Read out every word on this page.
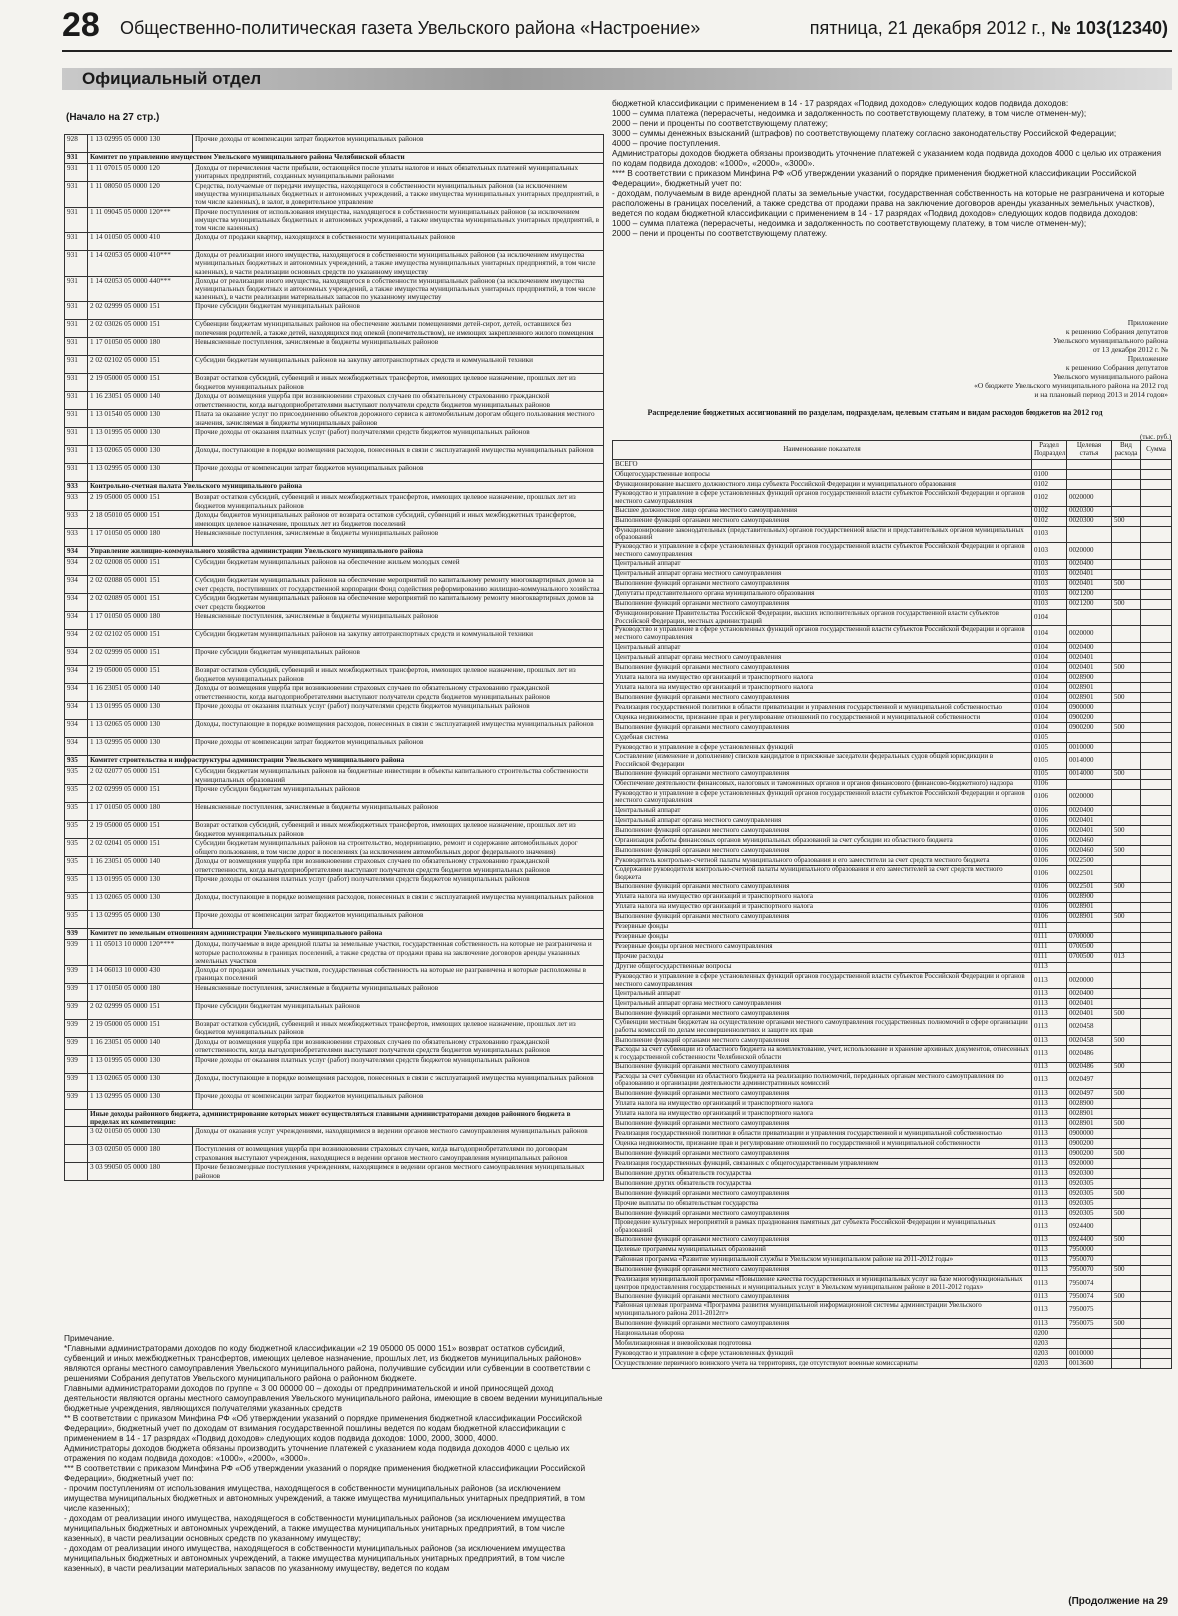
28 Общественно-политическая газета Увельского района «Настроение»	пятница, 21 декабря 2012 г., № 103(12340)
Официальный отдел
(Начало на 27 стр.)
928	1 13 02995 05 0000 130	Прочие доходы от компенсации затрат бюджетов муниципальных районов
931	Комитет по управлению имуществом Увельского муниципального района Челябинской области	
931	1 11 07015 05 0000 120	Доходы от перечисления части прибыли, остающейся после уплаты налогов и иных обязательных платежей муниципальных унитарных предприятий, созданных муниципальными районами
931	1 11 08050 05 0000 120	Средства, получаемые от передачи имущества, находящегося в собственности муниципальных районов (за исключением имущества муниципальных бюджетных и автономных учреждений, а также имущества муниципальных унитарных предприятий, в том числе казенных), в залог, в доверительное управление
931	1 11 09045 05 0000 120***	Прочие поступления от использования имущества, находящегося в собственности муниципальных районов (за исключением имущества муниципальных бюджетных и автономных учреждений, а также имущества муниципальных унитарных предприятий, в том числе казенных)
931	1 14 01050 05 0000 410	Доходы от продажи квартир, находящихся в собственности муниципальных районов
931	1 14 02053 05 0000 410***	Доходы от реализации иного имущества, находящегося в собственности муниципальных районов (за исключением имущества муниципальных бюджетных и автономных учреждений, а также имущества муниципальных унитарных предприятий, в том числе казенных), в части реализации основных средств по указанному имуществу
931	1 14 02053 05 0000 440***	Доходы от реализации иного имущества, находящегося в собственности муниципальных районов (за исключением имущества муниципальных бюджетных и автономных учреждений, а также имущества муниципальных унитарных предприятий, в том числе казенных), в части реализации материальных запасов по указанному имуществу
931	2 02 02999 05 0000 151	Прочие субсидии бюджетам муниципальных районов
931	2 02 03026 05 0000 151	Субвенции бюджетам муниципальных районов на обеспечение жилыми помещениями детей-сирот, детей, оставшихся без попечения родителей, а также детей, находящихся под опекой (попечительством), не имеющих закрепленного жилого помещения
931	1 17 01050 05 0000 180	Невыясненные поступления, зачисляемые в бюджеты муниципальных районов
931	2 02 02102 05 0000 151	Субсидии бюджетам муниципальных районов на закупку автотранспортных средств и коммунальной техники
931	2 19 05000 05 0000 151	Возврат остатков субсидий, субвенций и иных межбюджетных трансфертов, имеющих целевое назначение, прошлых лет из бюджетов муниципальных районов
931	1 16 23051 05 0000 140	Доходы от возмещения ущерба при возникновении страховых случаев по обязательному страхованию гражданской ответственности, когда выгодоприобретателями выступают получатели средств бюджетов муниципальных районов
931	1 13 01540 05 0000 130	Плата за оказание услуг по присоединению объектов дорожного сервиса к автомобильным дорогам общего пользования местного значения, зачисляемая в бюджеты муниципальных районов
931	1 13 01995 05 0000 130	Прочие доходы от оказания платных услуг (работ) получателями средств бюджетов муниципальных районов
931	1 13 02065 05 0000 130	Доходы, поступающие в порядке возмещения расходов, понесенных в связи с эксплуатацией имущества муниципальных районов
931	1 13 02995 05 0000 130	Прочие доходы от компенсации затрат бюджетов муниципальных районов
933	Контрольно-счетная палата Увельского муниципального района	
933	2 19 05000 05 0000 151	Возврат остатков субсидий, субвенций и иных межбюджетных трансфертов, имеющих целевое назначение, прошлых лет из бюджетов муниципальных районов
933	2 18 05010 05 0000 151	Доходы бюджетов муниципальных районов от возврата остатков субсидий, субвенций и иных межбюджетных трансфертов, имеющих целевое назначение, прошлых лет из бюджетов поселений
933	1 17 01050 05 0000 180	Невыясненные поступления, зачисляемые в бюджеты муниципальных районов
934	Управление жилищно-коммунального хозяйства администрации Увельского муниципального района	
934	2 02 02008 05 0000 151	Субсидии бюджетам муниципальных районов на обеспечение жильем молодых семей
934	2 02 02088 05 0001 151	Субсидии бюджетам муниципальных районов на обеспечение мероприятий по капитальному ремонту многоквартирных домов за счет средств, поступивших от государственной корпорации Фонд содействия реформированию жилищно-коммунального хозяйства
934	2 02 02089 05 0001 151	Субсидии бюджетам муниципальных районов на обеспечение мероприятий по капитальному ремонту многоквартирных домов за счет средств бюджетов
934	1 17 01050 05 0000 180	Невыясненные поступления, зачисляемые в бюджеты муниципальных районов
934	2 02 02102 05 0000 151	Субсидии бюджетам муниципальных районов на закупку автотранспортных средств и коммунальной техники
934	2 02 02999 05 0000 151	Прочие субсидии бюджетам муниципальных районов
934	2 19 05000 05 0000 151	Возврат остатков субсидий, субвенций и иных межбюджетных трансфертов, имеющих целевое назначение, прошлых лет из бюджетов муниципальных районов
934	1 16 23051 05 0000 140	Доходы от возмещения ущерба при возникновении страховых случаев по обязательному страхованию гражданской ответственности, когда выгодоприобретателями выступают получатели средств бюджетов муниципальных районов
934	1 13 01995 05 0000 130	Прочие доходы от оказания платных услуг (работ) получателями средств бюджетов муниципальных районов
934	1 13 02065 05 0000 130	Доходы, поступающие в порядке возмещения расходов, понесенных в связи с эксплуатацией имущества муниципальных районов
934	1 13 02995 05 0000 130	Прочие доходы от компенсации затрат бюджетов муниципальных районов
935	Комитет строительства и инфраструктуры администрации Увельского муниципального района	
935	2 02 02077 05 0000 151	Субсидии бюджетам муниципальных районов на бюджетные инвестиции в объекты капитального строительства собственности муниципальных образований
935	2 02 02999 05 0000 151	Прочие субсидии бюджетам муниципальных районов
935	1 17 01050 05 0000 180	Невыясненные поступления, зачисляемые в бюджеты муниципальных районов
935	2 19 05000 05 0000 151	Возврат остатков субсидий, субвенций и иных межбюджетных трансфертов, имеющих целевое назначение, прошлых лет из бюджетов муниципальных районов
935	2 02 02041 05 0000 151	Субсидии бюджетам муниципальных районов на строительство, модернизацию, ремонт и содержание автомобильных дорог общего пользования, в том числе дорог в поселениях (за исключением автомобильных дорог федерального значения)
935	1 16 23051 05 0000 140	Доходы от возмещения ущерба при возникновении страховых случаев по обязательному страхованию гражданской ответственности, когда выгодоприобретателями выступают получатели средств бюджетов муниципальных районов
935	1 13 01995 05 0000 130	Прочие доходы от оказания платных услуг (работ) получателями средств бюджетов муниципальных районов
935	1 13 02065 05 0000 130	Доходы, поступающие в порядке возмещения расходов, понесенных в связи с эксплуатацией имущества муниципальных районов
935	1 13 02995 05 0000 130	Прочие доходы от компенсации затрат бюджетов муниципальных районов
939	Комитет по земельным отношениям администрации Увельского муниципального района	
939	1 11 05013 10 0000 120****	Доходы, получаемые в виде арендной платы за земельные участки, государственная собственность на которые не разграничена и которые расположены в границах поселений, а также средства от продажи права на заключение договоров аренды указанных земельных участков
939	1 14 06013 10 0000 430	Доходы от продажи земельных участков, государственная собственность на которые не разграничена и которые расположены в границах поселений
939	1 17 01050 05 0000 180	Невыясненные поступления, зачисляемые в бюджеты муниципальных районов
939	2 02 02999 05 0000 151	Прочие субсидии бюджетам муниципальных районов
939	2 19 05000 05 0000 151	Возврат остатков субсидий, субвенций и иных межбюджетных трансфертов, имеющих целевое назначение, прошлых лет из бюджетов муниципальных районов
939	1 16 23051 05 0000 140	Доходы от возмещения ущерба при возникновении страховых случаев по обязательному страхованию гражданской ответственности, когда выгодоприобретателями выступают получатели средств бюджетов муниципальных районов
939	1 13 01995 05 0000 130	Прочие доходы от оказания платных услуг (работ) получателями средств бюджетов муниципальных районов
939	1 13 02065 05 0000 130	Доходы, поступающие в порядке возмещения расходов, понесенных в связи с эксплуатацией имущества муниципальных районов
939	1 13 02995 05 0000 130	Прочие доходы от компенсации затрат бюджетов муниципальных районов
	Иные доходы районного бюджета, администрирование которых может осуществляться главными администраторами доходов районного бюджета в пределах их компетенции:	
	3 02 01050 05 0000 130	Доходы от оказания услуг учреждениями, находящимися в ведении органов местного самоуправления муниципальных районов
	3 03 02050 05 0000 180	Поступления от возмещения ущерба при возникновении страховых случаев, когда выгодоприобретателями по договорам страхования выступают учреждения, находящиеся в ведении органов местного самоуправления муниципальных районов
	3 03 99050 05 0000 180	Прочие безвозмездные поступления учреждениям, находящимся в ведении органов местного самоуправления муниципальных районов

Примечание.

*Главными администраторами доходов по коду бюджетной классификации «2 19 05000 05 0000 151» возврат остатков субсидий, субвенций и иных межбюджетных трансфертов, имеющих целевое назначение, прошлых лет, из бюджетов муниципальных районов» являются органы местного самоуправления Увельского муниципального района, получившие субсидии или субвенции в соответствии с решениями Собрания депутатов Увельского муниципального района о районном бюджете.

Главными администраторами доходов по группе « 3 00 00000 00 – доходы от предпринимательской и иной приносящей доход деятельности являются органы местного самоуправления Увельского муниципального района, имеющие в своем ведении муниципальные бюджетные учреждения, являющихся получателями указанных средств

** В соответствии с приказом Минфина РФ «Об утверждении указаний о порядке применения бюджетной классификации Российской Федерации», бюджетный учет по доходам от взимания государственной пошлины ведется по кодам бюджетной классификации с применением в 14 - 17 разрядах «Подвид доходов» следующих кодов подвида доходов: 1000, 2000, 3000, 4000.

Администраторы доходов бюджета обязаны производить уточнение платежей с указанием кода подвида доходов 4000 с целью их отражения по кодам подвида доходов: «1000», «2000», «3000».

*** В соответствии с приказом Минфина РФ «Об утверждении указаний о порядке применения бюджетной классификации Российской Федерации», бюджетный учет по:

- прочим поступлениям от использования имущества, находящегося в собственности муниципальных районов (за исключением имущества муниципальных бюджетных и автономных учреждений, а также имущества муниципальных унитарных предприятий, в том числе казенных);

- доходам от реализации иного имущества, находящегося в собственности муниципальных районов (за исключением имущества муниципальных бюджетных и автономных учреждений, а также имущества муниципальных унитарных предприятий, в том числе казенных), в части реализации основных средств по указанному имуществу;

- доходам от реализации иного имущества, находящегося в собственности муниципальных районов (за исключением имущества муниципальных бюджетных и автономных учреждений, а также имущества муниципальных унитарных предприятий, в том числе казенных), в части реализации материальных запасов по указанному имуществу, ведется по кодам

бюджетной классификации с применением в 14 - 17 разрядах «Подвид доходов» следующих кодов подвида доходов:

1000 – сумма платежа (перерасчеты, недоимка и задолженность по соответствующему платежу, в том числе отменен-му);

2000 – пени и проценты по соответствующему платежу;

3000 – суммы денежных взысканий (штрафов) по соответствующему платежу согласно законодательству Российской Федерации;

4000 – прочие поступления.

Администраторы доходов бюджета обязаны производить уточнение платежей с указанием кода подвида доходов 4000 с целью их отражения по кодам подвида доходов: «1000», «2000», «3000».

**** В соответствии с приказом Минфина РФ «Об утверждении указаний о порядке применения бюджетной классификации Российской Федерации», бюджетный учет по:

- доходам, получаемым в виде арендной платы за земельные участки, государственная собственность на которые не разграничена и которые расположены в границах поселений, а также средства от продажи права на заключение договоров аренды указанных земельных участков), ведется по кодам бюджетной классификации с применением в 14 - 17 разрядах «Подвид доходов» следующих кодов подвида доходов:

1000 – сумма платежа (перерасчеты, недоимка и задолженность по соответствующему платежу, в том числе отменен-му);

2000 – пени и проценты по соответствующему платежу.

Приложение

к решению Собрания депутатов

Увельского муниципального района

от 13 декабря 2012 г. №

Приложение

к решению Собрания депутатов

Увельского муниципального района

«О бюджете Увельского муниципального района на 2012 год

и на плановый период 2013 и 2014 годов»

Распределение бюджетных ассигнований по разделам, подразделам, целевым статьям и видам расходов бюджетов на 2012 год
(тыс. руб.)
Наименование показателя	Раздел Подраздел	Целевая статья	Вид расхода	Сумма
ВСЕГО				
Общегосударственные вопросы	0100			
Функционирование высшего должностного лица субъекта Российской Федерации и муниципального образования	0102			
Руководство и управление в сфере установленных функций органов государственной власти субъектов Российской Федерации и органов местного самоуправления	0102	0020000		
Высшее должностное лицо органа местного самоуправления	0102	0020300		
Выполнение функций органами местного самоуправления	0102	0020300	500	
Функционирование законодательных (представительных) органов государственной власти и представительных органов муниципальных образований	0103			
Руководство и управление в сфере установленных функций органов государственной власти субъектов Российской Федерации и органов местного самоуправления	0103	0020000		
Центральный аппарат	0103	0020400		
Центральный аппарат органа местного самоуправления	0103	0020401		
Выполнение функций органами местного самоуправления	0103	0020401	500	
Депутаты представительного органа муниципального образования	0103	0021200		
Выполнение функций органами местного самоуправления	0103	0021200	500	
Функционирование Правительства Российской Федерации, высших исполнительных органов государственной власти субъектов Российской Федерации, местных администраций	0104			
Руководство и управление в сфере установленных функций органов государственной власти субъектов Российской Федерации и органов местного самоуправления	0104	0020000		
Центральный аппарат	0104	0020400		
Центральный аппарат органа местного самоуправления	0104	0020401		
Выполнение функций органами местного самоуправления	0104	0020401	500	
Уплата налога на имущество организаций и транспортного налога	0104	0028900		
Уплата налога на имущество организаций и транспортного налога	0104	0028901		
Выполнение функций органами местного самоуправления	0104	0028901	500	
Реализация государственной политики в области приватизации и управления государственной и муниципальной собственностью	0104	0900000		
Оценка недвижимости, признание прав и регулирование отношений по государственной и муниципальной собственности	0104	0900200		
Выполнение функций органами местного самоуправления	0104	0900200	500	
Судебная система	0105			
Руководство и управление в сфере установленных функций	0105	0010000		
Составление (изменение и дополнение) списков кандидатов в присяжные заседатели федеральных судов общей юрисдикции в Российской Федерации	0105	0014000		
Выполнение функций органами местного самоуправления	0105	0014000	500	
Обеспечение деятельности финансовых, налоговых и таможенных органов и органов финансового (финансово-бюджетного) надзора	0106			
Руководство и управление в сфере установленных функций органов государственной власти субъектов Российской Федерации и органов местного самоуправления	0106	0020000		
Центральный аппарат	0106	0020400		
Центральный аппарат органа местного самоуправления	0106	0020401		
Выполнение функций органами местного самоуправления	0106	0020401	500	
Организация работы финансовых органов муниципальных образований за счет субсидии из областного бюджета	0106	0020460		
Выполнение функций органами местного самоуправления	0106	0020460	500	
Руководитель контрольно-счетной палаты муниципального образования и его заместители за счет средств местного бюджета	0106	0022500		
Содержание руководителя контрольно-счетной палаты муниципального образования и его заместителей за счет средств местного бюджета	0106	0022501		
Выполнение функций органами местного самоуправления	0106	0022501	500	
Уплата налога на имущество организаций и транспортного налога	0106	0028900		
Уплата налога на имущество организаций и транспортного налога	0106	0028901		
Выполнение функций органами местного самоуправления	0106	0028901	500	
Резервные фонды	0111			
Резервные фонды	0111	0700000		
Резервные фонды органов местного самоуправления	0111	0700500		
Прочие расходы	0111	0700500	013	
Другие общегосударственные вопросы	0113			
Руководство и управление в сфере установленных функций органов государственной власти субъектов Российской Федерации и органов местного самоуправления	0113	0020000		
Центральный аппарат	0113	0020400		
Центральный аппарат органа местного самоуправления	0113	0020401		
Выполнение функций органами местного самоуправления	0113	0020401	500	
Субвенции местным бюджетам на осуществление органами местного самоуправления государственных полномочий в сфере организации работы комиссий по делам несовершеннолетних и защите их прав	0113	0020458		
Выполнение функций органами местного самоуправления	0113	0020458	500	
Расходы за счет субвенции из областного бюджета на комплектование, учет, использование и хранение архивных документов, отнесенных к государственной собственности Челябинской области	0113	0020486		
Выполнение функций органами местного самоуправления	0113	0020486	500	
Расходы за счет субвенции из областного бюджета на реализацию полномочий, переданных органам местного самоуправления по образованию и организации деятельности административных комиссий	0113	0020497		
Выполнение функций органами местного самоуправления	0113	0020497	500	
Уплата налога на имущество организаций и транспортного налога	0113	0028900		
Уплата налога на имущество организаций и транспортного налога	0113	0028901		
Выполнение функций органами местного самоуправления	0113	0028901	500	
Реализация государственной политики в области приватизации и управления государственной и муниципальной собственностью	0113	0900000		
Оценка недвижимости, признание прав и регулирование отношений по государственной и муниципальной собственности	0113	0900200		
Выполнение функций органами местного самоуправления	0113	0900200	500	
Реализация государственных функций, связанных с общегосударственным управлением	0113	0920000		
Выполнение других обязательств государства	0113	0920300		
Выполнение других обязательств государства	0113	0920305		
Выполнение функций органами местного самоуправления	0113	0920305	500	
Прочие выплаты по обязательствам государства	0113	0920305		
Выполнение функций органами местного самоуправления	0113	0920305	500	
Проведение культурных мероприятий в рамках празднования памятных дат субъекта Российской Федерации и муниципальных образований	0113	0924400		
Выполнение функций органами местного самоуправления	0113	0924400	500	
Целевые программы муниципальных образований	0113	7950000		
Районная программа «Развитие муниципальной службы в Увельском муниципальном районе на 2011-2012 годы»	0113	7950070		
Выполнение функций органами местного самоуправления	0113	7950070	500	
Реализация муниципальной программы «Повышение качества государственных и муниципальных услуг на базе многофункциональных центров предоставления государственных и муниципальных услуг в Увельском муниципальном районе в 2011-2012 годах»	0113	7950074		
Выполнение функций органами местного самоуправления	0113	7950074	500	
Районная целевая программа «Программа развития муниципальной информационной системы администрации Увельского муниципального района 2011-2012гг»	0113	7950075		
Выполнение функций органами местного самоуправления	0113	7950075	500	
Национальная оборона	0200			
Мобилизационная и вневойсковая подготовка	0203			
Руководство и управление в сфере установленных функций	0203	0010000		
Осуществление первичного воинского учета на территориях, где отсутствуют военные комиссариаты	0203	0013600		
(Продолжение на 29
